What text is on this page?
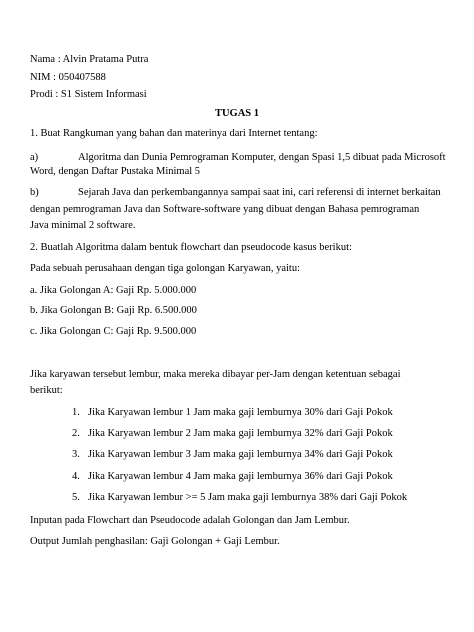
Nama : Alvin Pratama Putra

NIM : 050407588

Prodi : S1 Sistem Informasi

TUGAS 1

1. Buat Rangkuman yang bahan dan materinya dari Internet tentang:

a)	Algoritma dan Dunia Pemrograman Komputer, dengan Spasi 1,5 dibuat pada Microsoft

Word, dengan Daftar Pustaka Minimal 5

b)	Sejarah Java dan perkembangannya sampai saat ini, cari referensi di internet berkaitan

dengan pemrograman Java dan Software-software yang dibuat dengan Bahasa pemrograman

Java minimal 2 software.

2. Buatlah Algoritma dalam bentuk flowchart dan pseudocode kasus berikut:

Pada sebuah perusahaan dengan tiga golongan Karyawan, yaitu:

a. Jika Golongan A: Gaji Rp. 5.000.000

b. Jika Golongan B: Gaji Rp. 6.500.000

c. Jika Golongan C: Gaji Rp. 9.500.000

Jika karyawan tersebut lembur, maka mereka dibayar per-Jam dengan ketentuan sebagai

berikut:

1. Jika Karyawan lembur 1 Jam maka gaji lemburnya 30% dari Gaji Pokok
2. Jika Karyawan lembur 2 Jam maka gaji lemburnya 32% dari Gaji Pokok
3. Jika Karyawan lembur 3 Jam maka gaji lemburnya 34% dari Gaji Pokok
4. Jika Karyawan lembur 4 Jam maka gaji lemburnya 36% dari Gaji Pokok
5. Jika Karyawan lembur >= 5 Jam maka gaji lemburnya 38% dari Gaji Pokok

Inputan pada Flowchart dan Pseudocode adalah Golongan dan Jam Lembur.

Output Jumlah penghasilan: Gaji Golongan + Gaji Lembur.
